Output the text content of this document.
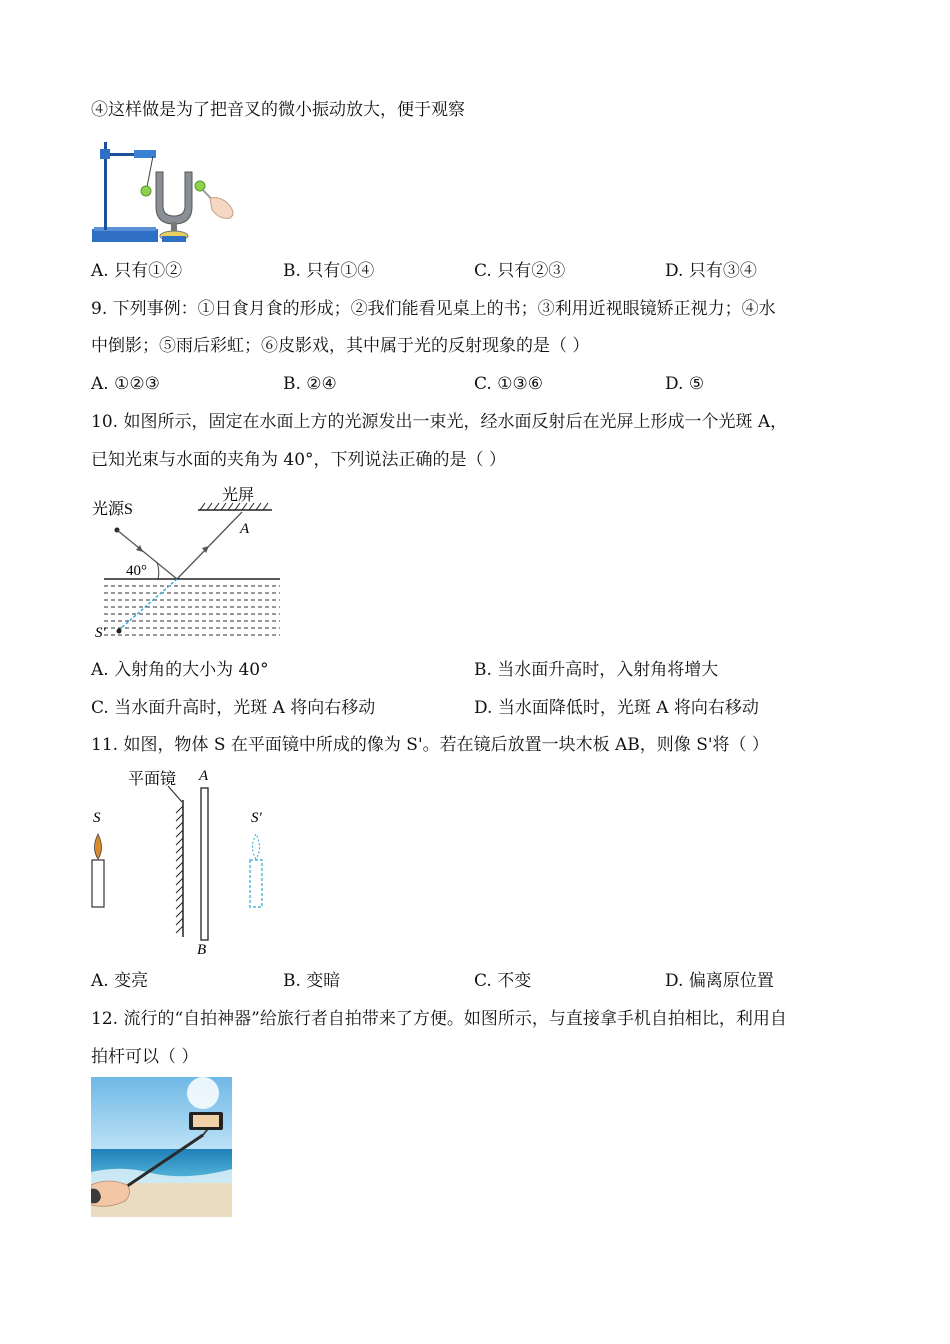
④这样做是为了把音叉的微小振动放大，便于观察
A. 只有①②	B. 只有①④	C. 只有②③	D. 只有③④
9. 下列事例：①日食月食的形成；②我们能看见桌上的书；③利用近视眼镜矫正视力；④水
中倒影；⑤雨后彩虹；⑥皮影戏，其中属于光的反射现象的是（ ）
A. ①②③	B. ②④	C. ①③⑥	D. ⑤
10. 如图所示，固定在水面上方的光源发出一束光，经水面反射后在光屏上形成一个光斑 A，
已知光束与水面的夹角为 40°，下列说法正确的是（ ）
光屏
A
光源S
40°
S′
A. 入射角的大小为 40°	B. 当水面升高时，入射角将增大
C. 当水面升高时，光斑 A 将向右移动	D. 当水面降低时，光斑 A 将向右移动
11. 如图，物体 S 在平面镜中所成的像为 S'。若在镜后放置一块木板 AB，则像 S'将（ ）
平面镜 A
B
S	S′
A. 变亮	B. 变暗	C. 不变	D. 偏离原位置
12. 流行的“自拍神器”给旅行者自拍带来了方便。如图所示，与直接拿手机自拍相比，利用自
拍杆可以（ ）
